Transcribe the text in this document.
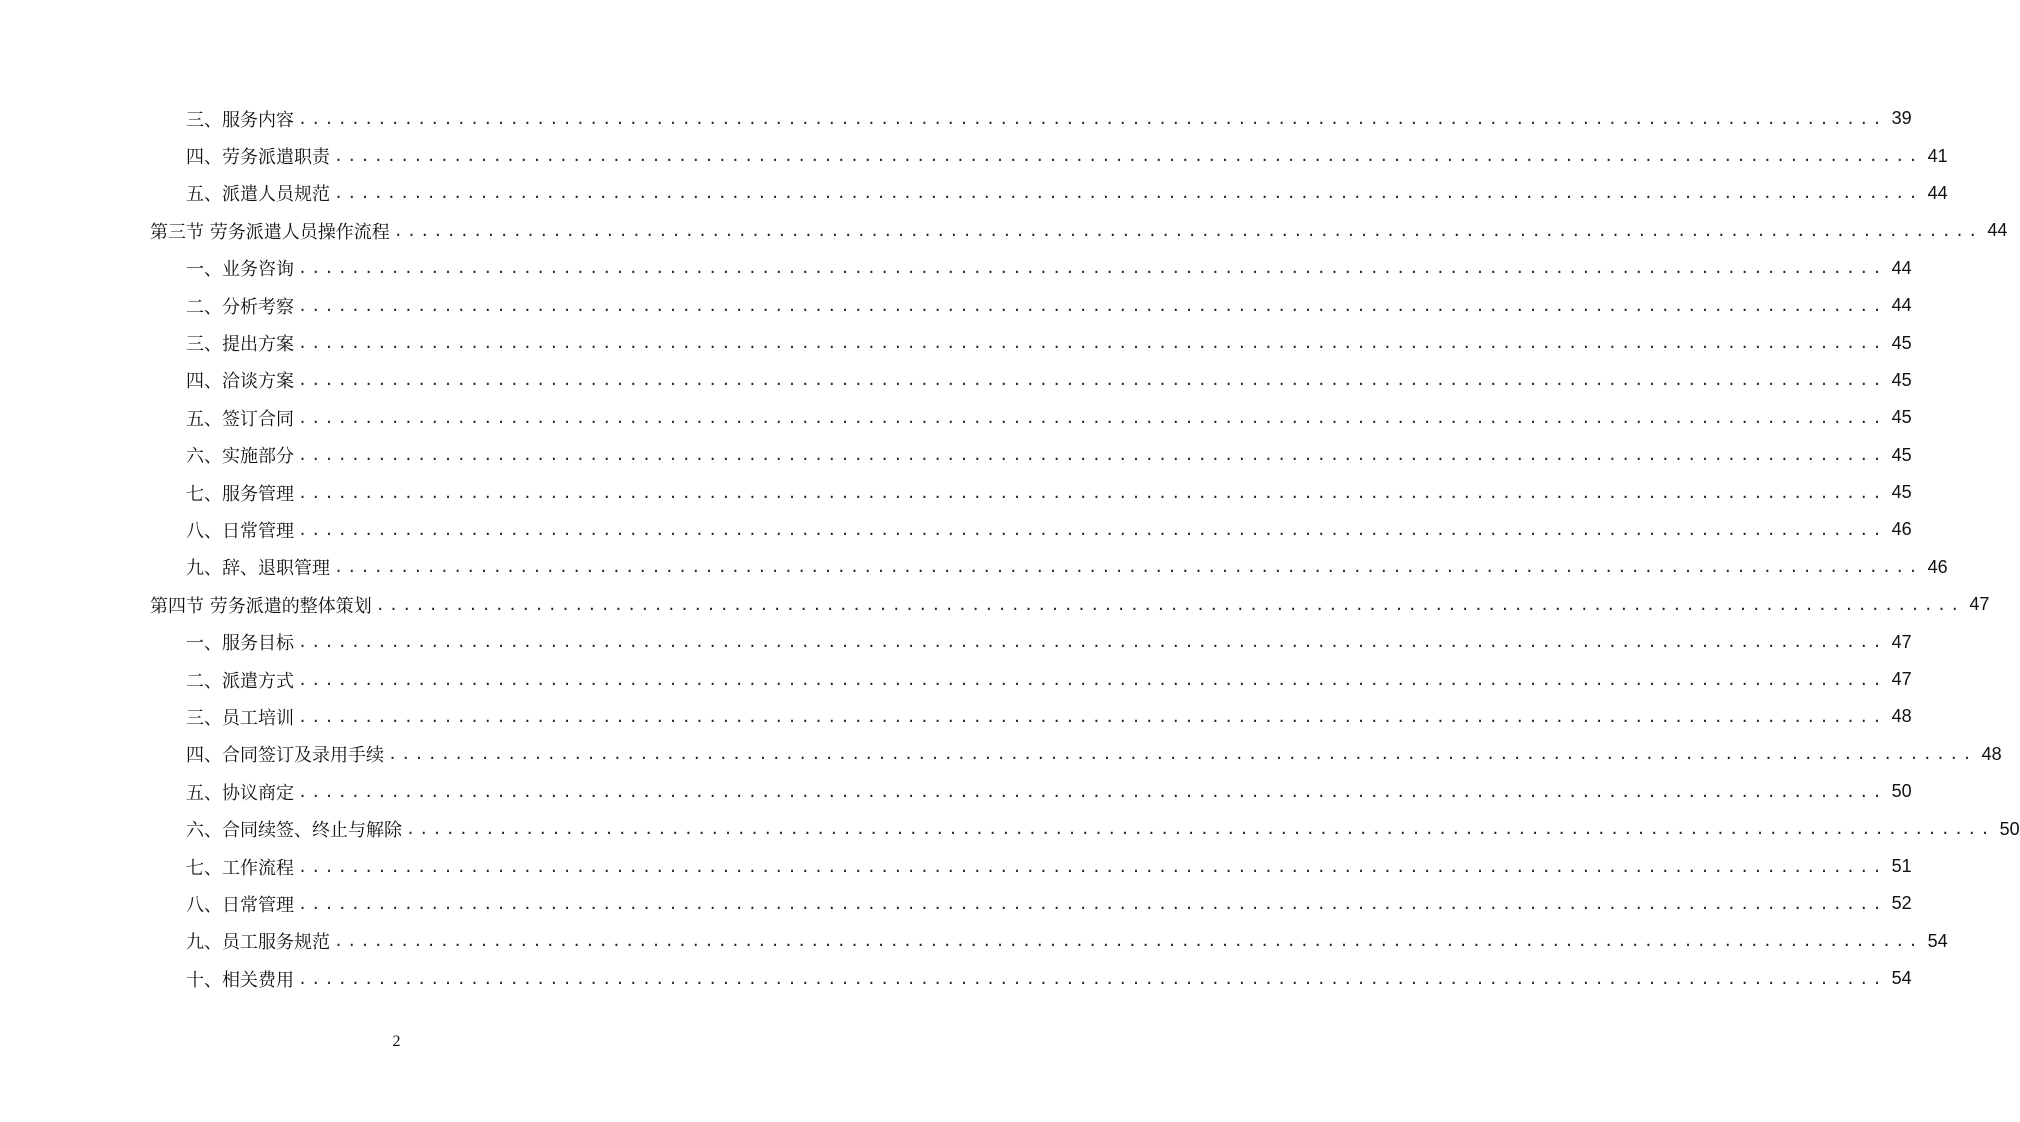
三、服务内容 ........................................................................................................................ 39
四、劳务派遣职责 ........................................................................................................................ 41
五、派遣人员规范 ........................................................................................................................ 44
第三节 劳务派遣人员操作流程 ........................................................................................................................ 44
一、业务咨询 ........................................................................................................................ 44
二、分析考察 ........................................................................................................................ 44
三、提出方案 ........................................................................................................................ 45
四、洽谈方案 ........................................................................................................................ 45
五、签订合同 ........................................................................................................................ 45
六、实施部分 ........................................................................................................................ 45
七、服务管理 ........................................................................................................................ 45
八、日常管理 ........................................................................................................................ 46
九、辞、退职管理 ........................................................................................................................ 46
第四节 劳务派遣的整体策划 ........................................................................................................................ 47
一、服务目标 ........................................................................................................................ 47
二、派遣方式 ........................................................................................................................ 47
三、员工培训 ........................................................................................................................ 48
四、合同签订及录用手续 ........................................................................................................................ 48
五、协议商定 ........................................................................................................................ 50
六、合同续签、终止与解除 ........................................................................................................................ 50
七、工作流程 ........................................................................................................................ 51
八、日常管理 ........................................................................................................................ 52
九、员工服务规范 ........................................................................................................................ 54
十、相关费用 ........................................................................................................................ 54
2
